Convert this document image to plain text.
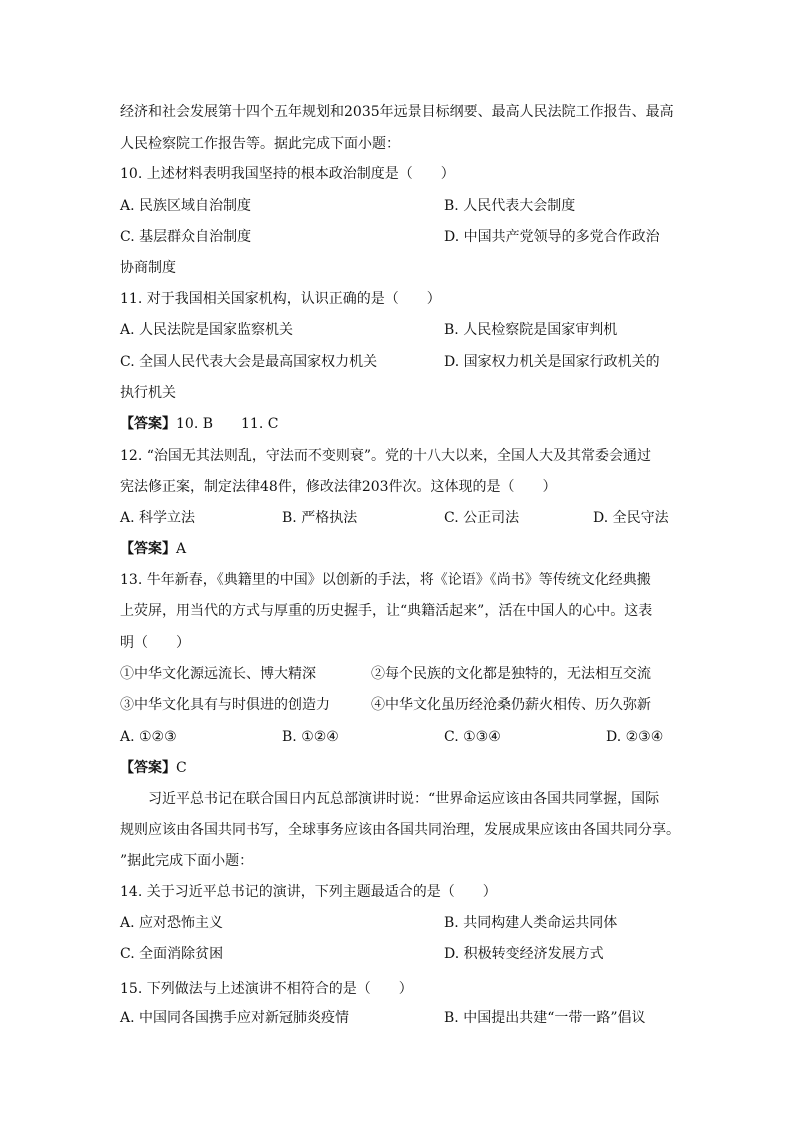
经济和社会发展第十四个五年规划和2035年远景目标纲要、最高人民法院工作报告、最高
人民检察院工作报告等。据此完成下面小题：
10. 上述材料表明我国坚持的根本政治制度是（　　）
A. 民族区域自治制度	B. 人民代表大会制度
C. 基层群众自治制度	D. 中国共产党领导的多党合作政治
协商制度
11. 对于我国相关国家机构，认识正确的是（　　）
A. 人民法院是国家监察机关	B. 人民检察院是国家审判机
C. 全国人民代表大会是最高国家权力机关	D. 国家权力机关是国家行政机关的
执行机关
【答案】10. B　　11. C
12. “治国无其法则乱，守法而不变则衰”。党的十八大以来，全国人大及其常委会通过
宪法修正案，制定法律48件，修改法律203件次。这体现的是（　　）
A. 科学立法	B. 严格执法	C. 公正司法	D. 全民守法
【答案】A
13. 牛年新春，《典籍里的中国》以创新的手法，将《论语》《尚书》等传统文化经典搬
上荧屏，用当代的方式与厚重的历史握手，让“典籍活起来”，活在中国人的心中。这表
明（　　）
①中华文化源远流长、博大精深	②每个民族的文化都是独特的，无法相互交流
③中华文化具有与时俱进的创造力	④中华文化虽历经沧桑仍薪火相传、历久弥新
A. ①②③	B. ①②④	C. ①③④	D. ②③④
【答案】C
习近平总书记在联合国日内瓦总部演讲时说：“世界命运应该由各国共同掌握，国际
规则应该由各国共同书写，全球事务应该由各国共同治理，发展成果应该由各国共同分享。
”据此完成下面小题：
14. 关于习近平总书记的演讲，下列主题最适合的是（　　）
A. 应对恐怖主义	B. 共同构建人类命运共同体
C. 全面消除贫困	D. 积极转变经济发展方式
15. 下列做法与上述演讲不相符合的是（　　）
A. 中国同各国携手应对新冠肺炎疫情	B. 中国提出共建“一带一路”倡议
